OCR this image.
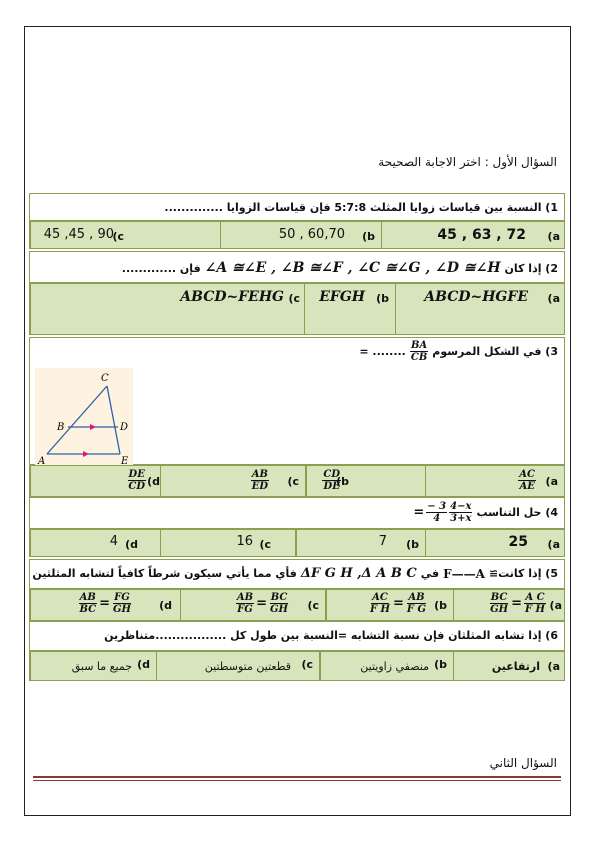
السؤال الأول : اختر الاجابة الصحيحة
1) النسبة بين قياسات زوايا المثلث 5:7:8 فإن قياسات الزوايا ..............
(a
45 , 63 , 72
(b
50 , 60,70
(c
45 ,45 , 90
2) إذا كان
∠A ≅∠E , ∠B ≅∠F , ∠C ≅∠G , ∠D ≅∠H
فإن .............
(a
ABCD~HGFE
(b
EFGH
(c
ABCD~FEHG
3) في الشكل المرسوم
$\frac{BA}{CB}$
= ........
C
B	D
A	E
(a
$\frac{AC}{AE}$
(b
$\frac{CD}{DE}$
(c
$\frac{AB}{ED}$
(d
$\frac{DE}{CD}$
4) حل التناسب
= $\frac{- 3}{4} \frac{4-x}{3+x}$
(a
25
(b
7
(c
16
(d
4
5) إذا كانت≅
F——A
في
ΔF G H ,Δ A B C
فأي مما يأتي سيكون شرطاً كافياً لتشابه المثلثين
(a
$\frac{BC}{GH} = \frac{\text{A C}}{\text{F H}}$
(b
$\frac{AC}{\text{F H}} = \frac{AB}{\text{F G}}$
(c
$\frac{AB}{FG} = \frac{BC}{GH}$
(d
$\frac{AB}{BC} = \frac{FG}{GH}$
6) إذا تشابه المثلثان فإن نسبة التشابه =النسبة بين طول كل .................متناظرين
a)
ارتفاعين
(b
منصفي زاويتين
(c
قطعتين متوسطتين
(d
جميع ما سبق
السؤال الثاني
